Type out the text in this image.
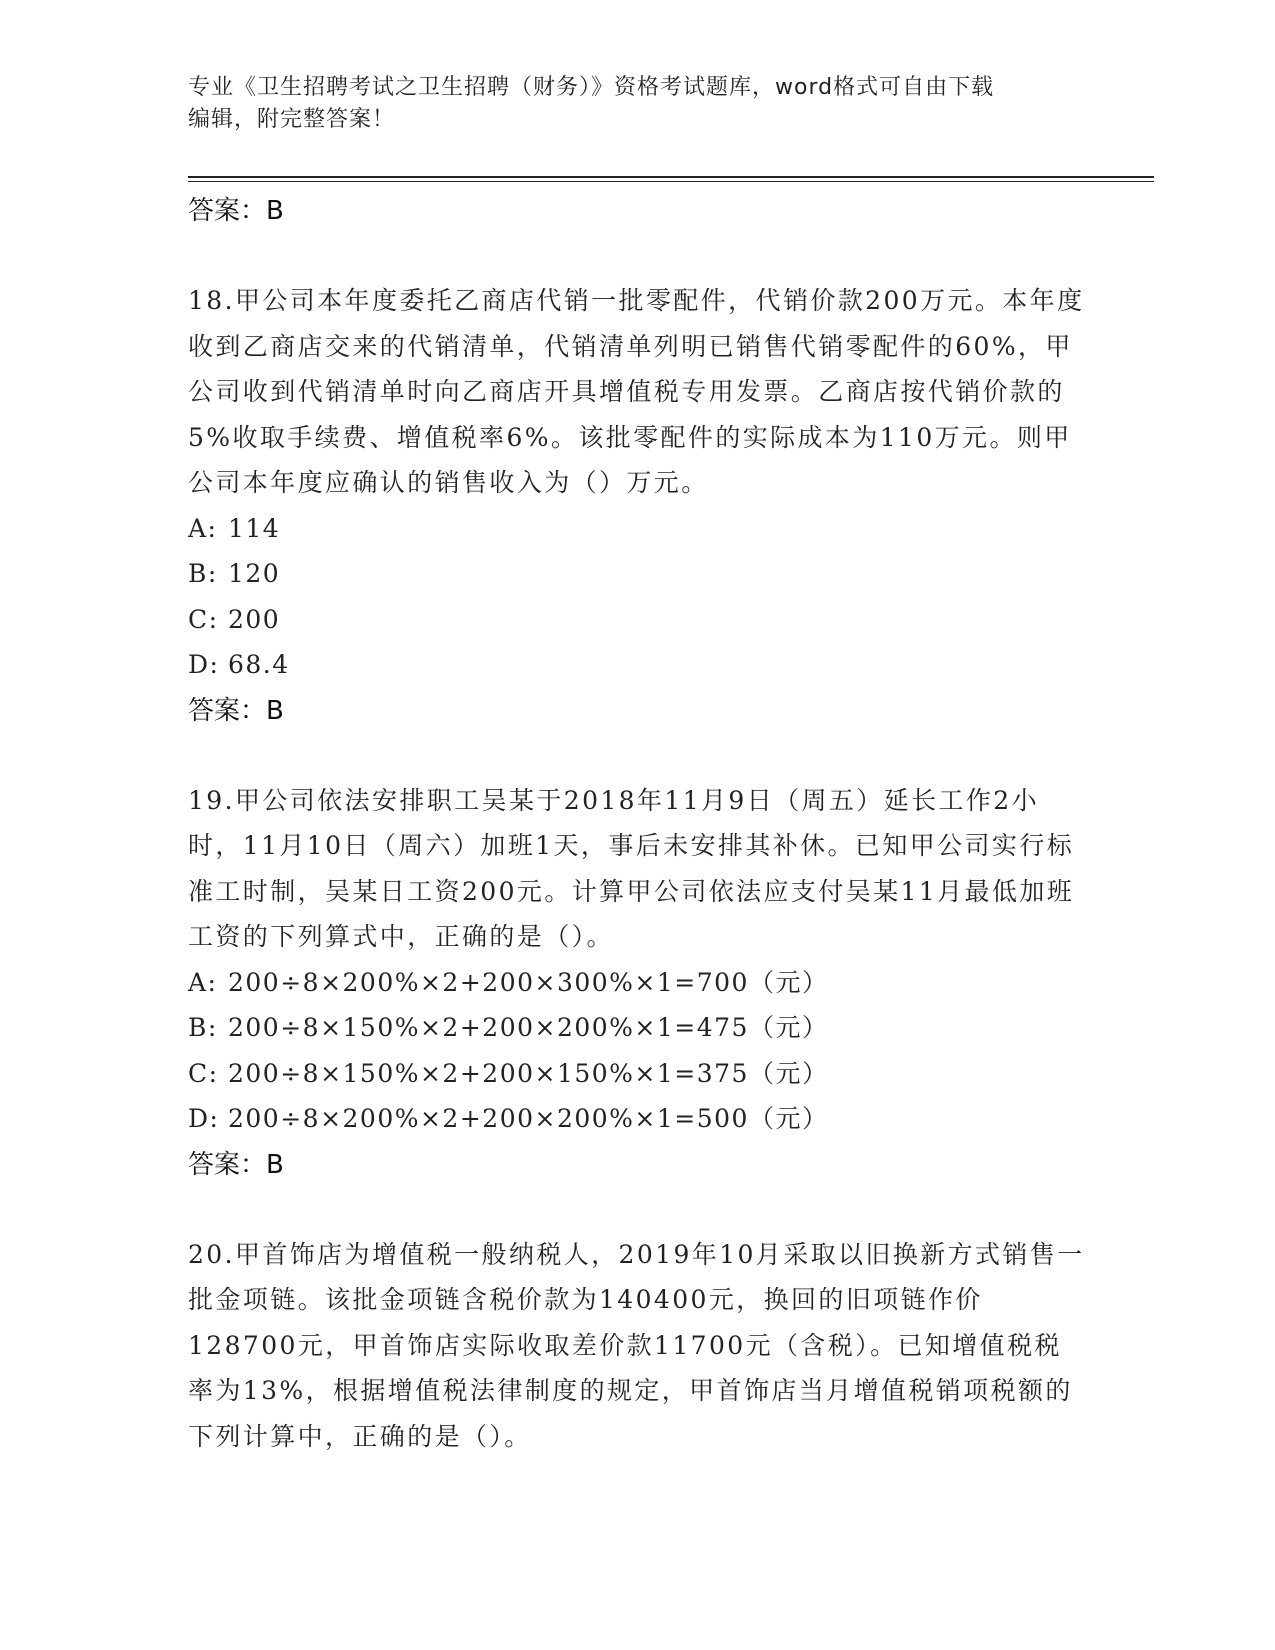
专业《卫生招聘考试之卫生招聘（财务）》资格考试题库，word格式可自由下载
编辑，附完整答案！
答案：B

18.甲公司本年度委托乙商店代销一批零配件，代销价款200万元。本年度收到乙商店交来的代销清单，代销清单列明已销售代销零配件的60%，甲公司收到代销清单时向乙商店开具增值税专用发票。乙商店按代销价款的5%收取手续费、增值税率6%。该批零配件的实际成本为110万元。则甲公司本年度应确认的销售收入为（）万元。

A: 114
B: 120
C: 200
D: 68.4
答案：B

19.甲公司依法安排职工吴某于2018年11月9日（周五）延长工作2小时，11月10日（周六）加班1天，事后未安排其补休。已知甲公司实行标准工时制，吴某日工资200元。计算甲公司依法应支付吴某11月最低加班工资的下列算式中，正确的是（）。

A: 200÷8×200%×2+200×300%×1=700（元）
B: 200÷8×150%×2+200×200%×1=475（元）
C: 200÷8×150%×2+200×150%×1=375（元）
D: 200÷8×200%×2+200×200%×1=500（元）
答案：B

20.甲首饰店为增值税一般纳税人，2019年10月采取以旧换新方式销售一批金项链。该批金项链含税价款为140400元，换回的旧项链作价128700元，甲首饰店实际收取差价款11700元（含税）。已知增值税税率为13%，根据增值税法律制度的规定，甲首饰店当月增值税销项税额的下列计算中，正确的是（）。
